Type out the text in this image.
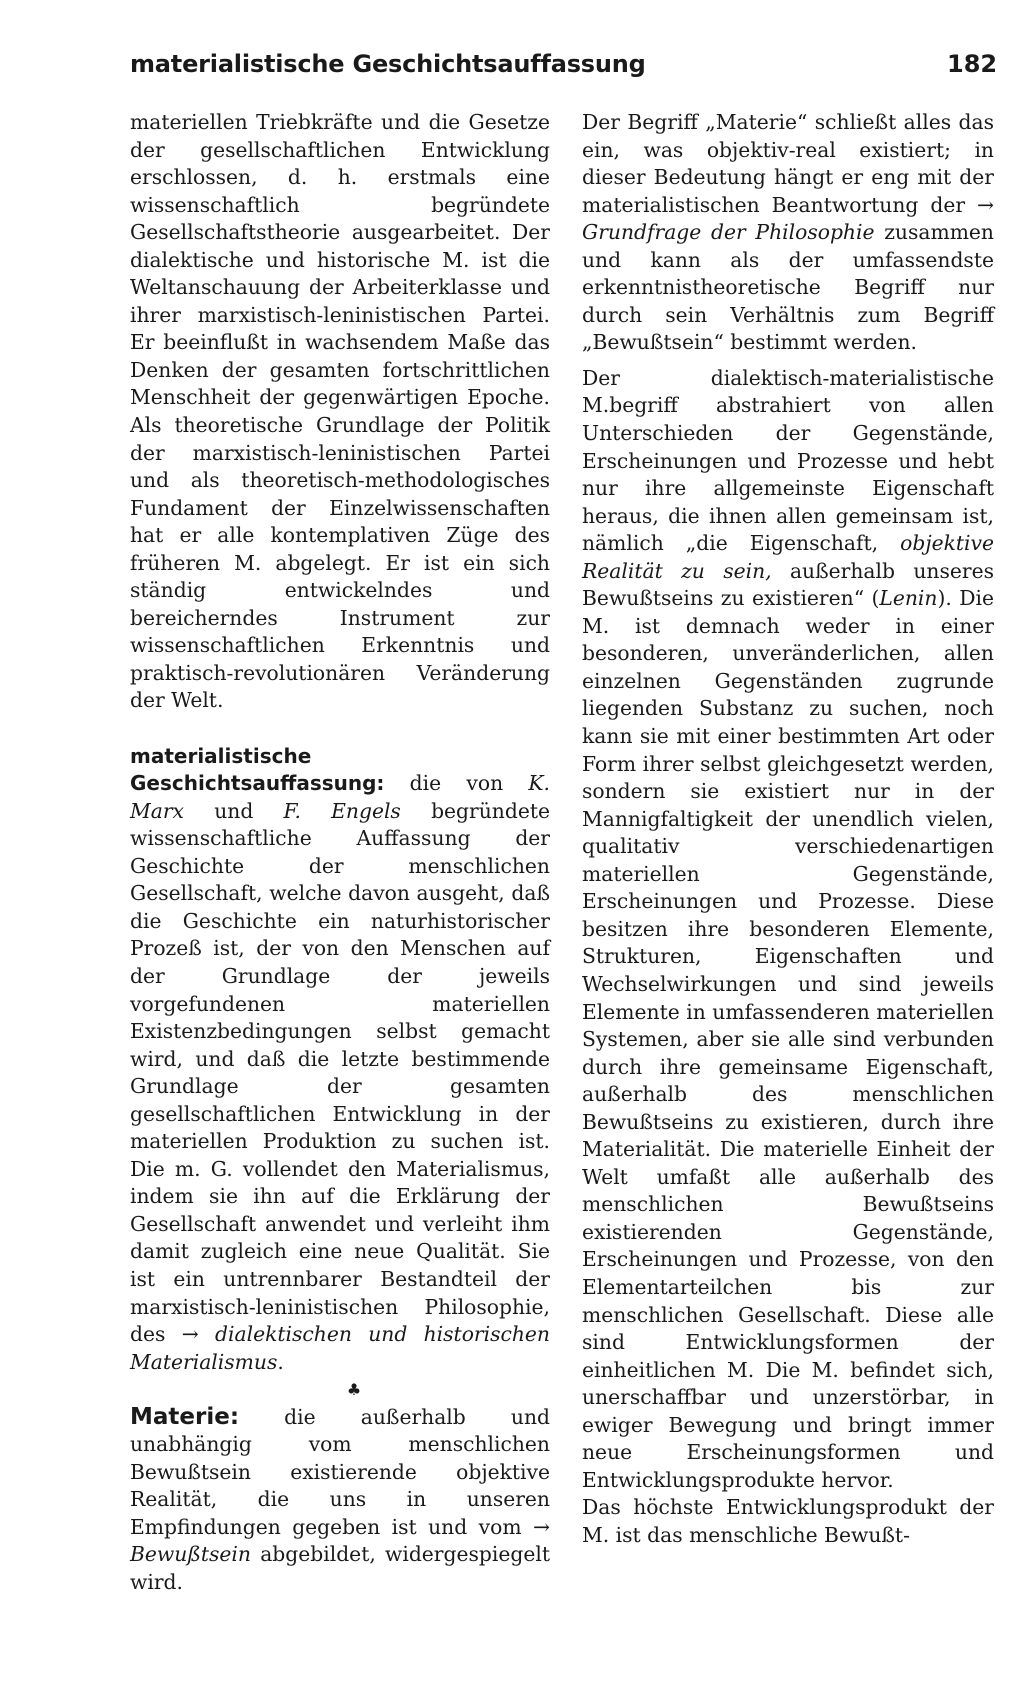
materialistische Geschichtsauffassung	182

materiellen Triebkräfte und die Gesetze der gesellschaftlichen Entwicklung erschlossen, d. h. erstmals eine wissenschaftlich begründete Gesellschaftstheorie ausgearbeitet. Der dialektische und historische M. ist die Weltanschauung der Arbeiterklasse und ihrer marxistisch-leninistischen Partei. Er beeinflußt in wachsendem Maße das Denken der gesamten fortschrittlichen Menschheit der gegenwärtigen Epoche. Als theoretische Grundlage der Politik der marxistisch-leninistischen Partei und als theoretisch-methodologisches Fundament der Einzelwissenschaften hat er alle kontemplativen Züge des früheren M. abgelegt. Er ist ein sich ständig entwickelndes und bereicherndes Instrument zur wissenschaftlichen Erkenntnis und praktisch-revolutionären Veränderung der Welt.

materialistische Geschichtsauffassung: die von K. Marx und F. Engels begründete wissenschaftliche Auffassung der Geschichte der menschlichen Gesellschaft, welche davon ausgeht, daß die Geschichte ein naturhistorischer Prozeß ist, der von den Menschen auf der Grundlage der jeweils vorgefundenen materiellen Existenzbedingungen selbst gemacht wird, und daß die letzte bestimmende Grundlage der gesamten gesellschaftlichen Entwicklung in der materiellen Produktion zu suchen ist. Die m. G. vollendet den Materialismus, indem sie ihn auf die Erklärung der Gesellschaft anwendet und verleiht ihm damit zugleich eine neue Qualität. Sie ist ein untrennbarer Bestandteil der marxistisch-leninistischen Philosophie, des → dialektischen und historischen Materialismus.

♣

Materie: die außerhalb und unabhängig vom menschlichen Bewußtsein existierende objektive Realität, die uns in unseren Empfindungen gegeben ist und vom → Bewußtsein abgebildet, widergespiegelt wird.

Der Begriff „Materie“ schließt alles das ein, was objektiv-real existiert; in dieser Bedeutung hängt er eng mit der materialistischen Beantwortung der → Grundfrage der Philosophie zusammen und kann als der umfassendste erkenntnistheoretische Begriff nur durch sein Verhältnis zum Begriff „Bewußtsein“ bestimmt werden.

Der dialektisch-materialistische M.begriff abstrahiert von allen Unterschieden der Gegenstände, Erscheinungen und Prozesse und hebt nur ihre allgemeinste Eigenschaft heraus, die ihnen allen gemeinsam ist, nämlich „die Eigenschaft, objektive Realität zu sein, außerhalb unseres Bewußtseins zu existieren“ (Lenin). Die M. ist demnach weder in einer besonderen, unveränderlichen, allen einzelnen Gegenständen zugrunde liegenden Substanz zu suchen, noch kann sie mit einer bestimmten Art oder Form ihrer selbst gleichgesetzt werden, sondern sie existiert nur in der Mannigfaltigkeit der unendlich vielen, qualitativ verschiedenartigen materiellen Gegenstände, Erscheinungen und Prozesse. Diese besitzen ihre besonderen Elemente, Strukturen, Eigenschaften und Wechselwirkungen und sind jeweils Elemente in umfassenderen materiellen Systemen, aber sie alle sind verbunden durch ihre gemeinsame Eigenschaft, außerhalb des menschlichen Bewußtseins zu existieren, durch ihre Materialität. Die materielle Einheit der Welt umfaßt alle außerhalb des menschlichen Bewußtseins existierenden Gegenstände, Erscheinungen und Prozesse, von den Elementarteilchen bis zur menschlichen Gesellschaft. Diese alle sind Entwicklungsformen der einheitlichen M. Die M. befindet sich, unerschaffbar und unzerstörbar, in ewiger Bewegung und bringt immer neue Erscheinungsformen und Entwicklungsprodukte hervor.

Das höchste Entwicklungsprodukt der M. ist das menschliche Bewußt-
